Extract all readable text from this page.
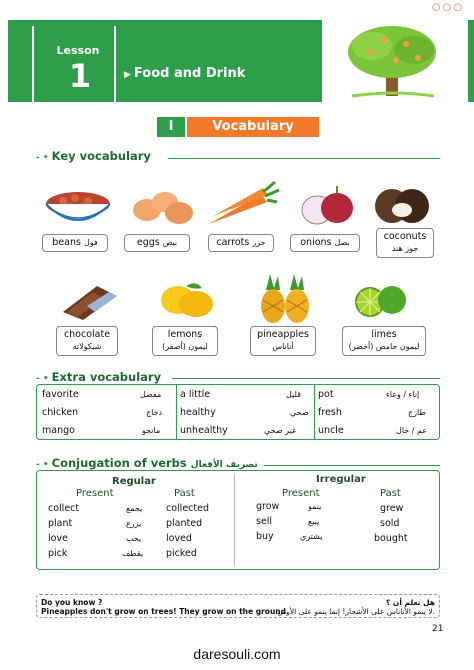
Lesson
1	▶ Food and Drink
○○○
I	Vocabulary
- • Key vocabulary
beans فول	eggs بيض	carrots جزر	onions بصل
coconuts
جوز هند
chocolate
شيكولاته
lemons
ليمون (أصفر)
pineapples
أناناس
limes
ليمون حامض (أخضر)
- • Extra vocabulary
favorite	مفضل a little	قليل pot	إناء / وعاء
chicken	دجاج healthy	صحي fresh	طازج
mango	مانجو unhealthy	غير صحي uncle	عم / خال
- • Conjugation of verbs تصريف الأفعال
Regular	Irregular
Present	Past	Present	Past
collect	يجمع collected
plant	يزرع	planted
love	يحب	loved
pick	يقطف picked
grow	ينمو	grew
sell	يبيع	sold
buy	يشتري	bought
Do you know ?
Pineapples don't grow on trees! They grow on the ground.
هل تعلم أن ؟
لا ينمو الأناناس على الأشجار! إنما ينمو على الأرض.
21
daresouli.com
